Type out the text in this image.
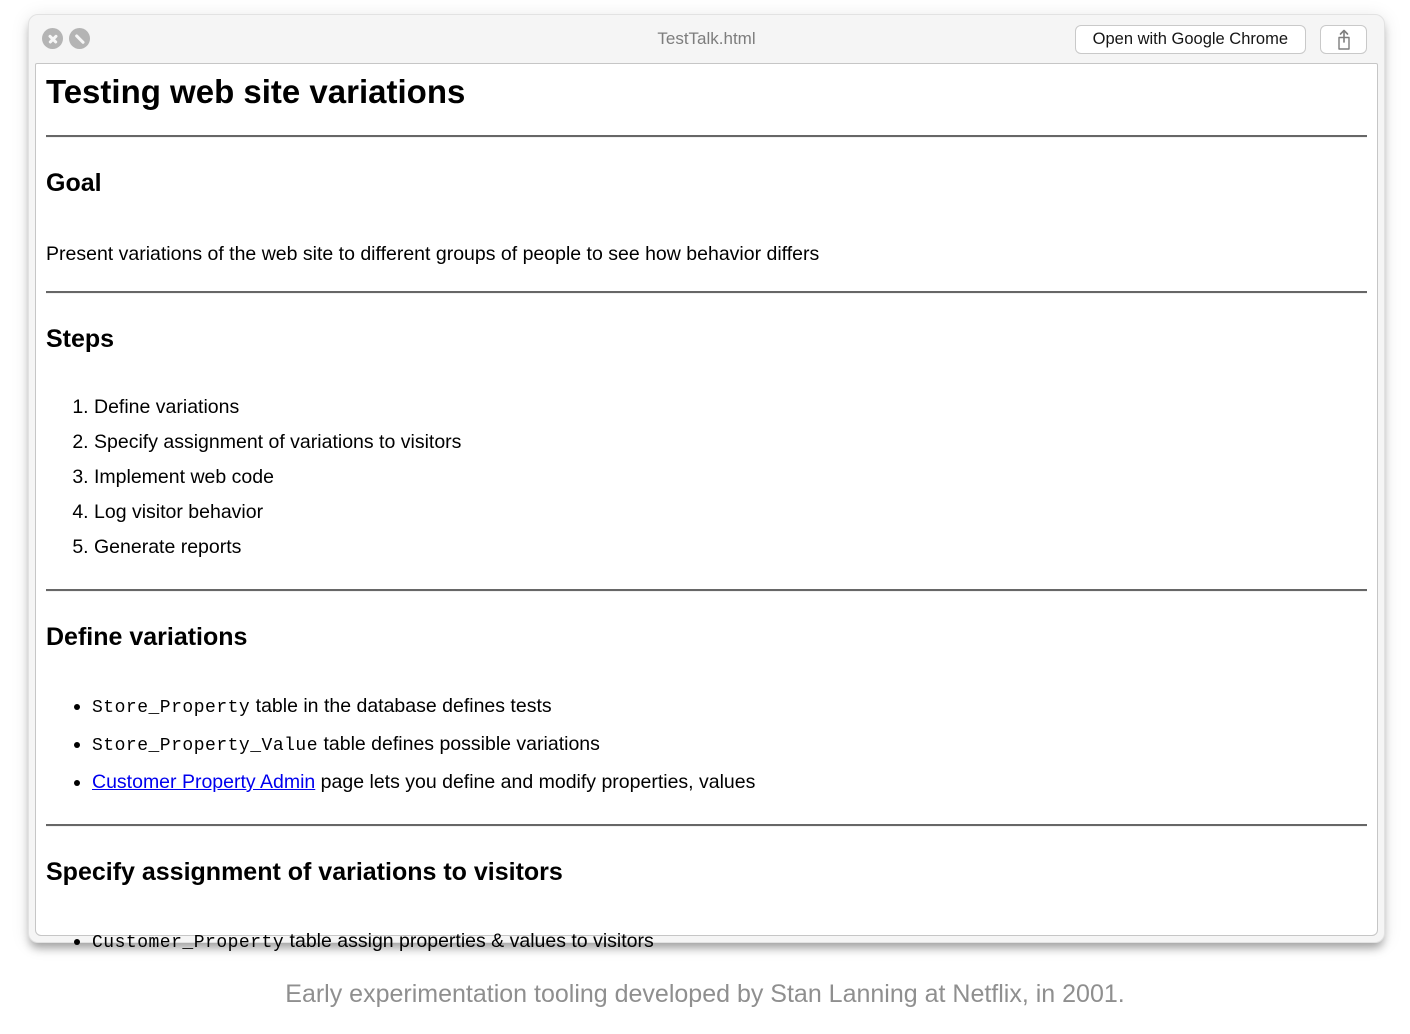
TestTalk.html	Open with Google Chrome
Testing web site variations
Goal

Present variations of the web site to different groups of people to see how behavior differs

Steps
1. Define variations
2. Specify assignment of variations to visitors
3. Implement web code
4. Log visitor behavior
5. Generate reports
Define variations
• Store_Property table in the database defines tests
• Store_Property_Value table defines possible variations
• Customer Property Admin page lets you define and modify properties, values
Specify assignment of variations to visitors
• Customer_Property table assign properties & values to visitors
Early experimentation tooling developed by Stan Lanning at Netflix, in 2001.
